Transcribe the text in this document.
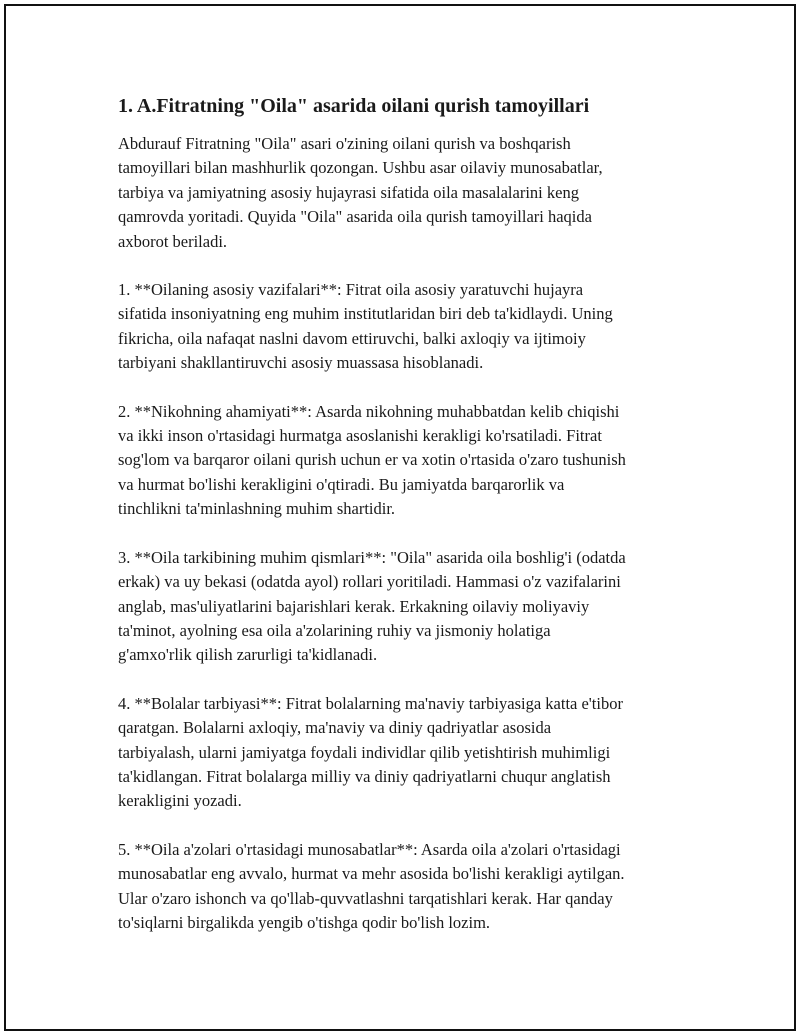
1. A.Fitratning "Oila" asarida oilani qurish tamoyillari

Abdurauf Fitratning "Oila" asari o'zining oilani qurish va boshqarish
tamoyillari bilan mashhurlik qozongan. Ushbu asar oilaviy munosabatlar,
tarbiya va jamiyatning asosiy hujayrasi sifatida oila masalalarini keng
qamrovda yoritadi. Quyida "Oila" asarida oila qurish tamoyillari haqida
axborot beriladi.

1. **Oilaning asosiy vazifalari**: Fitrat oila asosiy yaratuvchi hujayra
sifatida insoniyatning eng muhim institutlaridan biri deb ta'kidlaydi. Uning
fikricha, oila nafaqat naslni davom ettiruvchi, balki axloqiy va ijtimoiy
tarbiyani shakllantiruvchi asosiy muassasa hisoblanadi.

2. **Nikohning ahamiyati**: Asarda nikohning muhabbatdan kelib chiqishi
va ikki inson o'rtasidagi hurmatga asoslanishi kerakligi ko'rsatiladi. Fitrat
sog'lom va barqaror oilani qurish uchun er va xotin o'rtasida o'zaro tushunish
va hurmat bo'lishi kerakligini o'qtiradi. Bu jamiyatda barqarorlik va
tinchlikni ta'minlashning muhim shartidir.

3. **Oila tarkibining muhim qismlari**: "Oila" asarida oila boshlig'i (odatda
erkak) va uy bekasi (odatda ayol) rollari yoritiladi. Hammasi o'z vazifalarini
anglab, mas'uliyatlarini bajarishlari kerak. Erkakning oilaviy moliyaviy
ta'minot, ayolning esa oila a'zolarining ruhiy va jismoniy holatiga
g'amxo'rlik qilish zarurligi ta'kidlanadi.

4. **Bolalar tarbiyasi**: Fitrat bolalarning ma'naviy tarbiyasiga katta e'tibor
qaratgan. Bolalarni axloqiy, ma'naviy va diniy qadriyatlar asosida
tarbiyalash, ularni jamiyatga foydali individlar qilib yetishtirish muhimligi
ta'kidlangan. Fitrat bolalarga milliy va diniy qadriyatlarni chuqur anglatish
kerakligini yozadi.

5. **Oila a'zolari o'rtasidagi munosabatlar**: Asarda oila a'zolari o'rtasidagi
munosabatlar eng avvalo, hurmat va mehr asosida bo'lishi kerakligi aytilgan.
Ular o'zaro ishonch va qo'llab-quvvatlashni tarqatishlari kerak. Har qanday
to'siqlarni birgalikda yengib o'tishga qodir bo'lish lozim.
